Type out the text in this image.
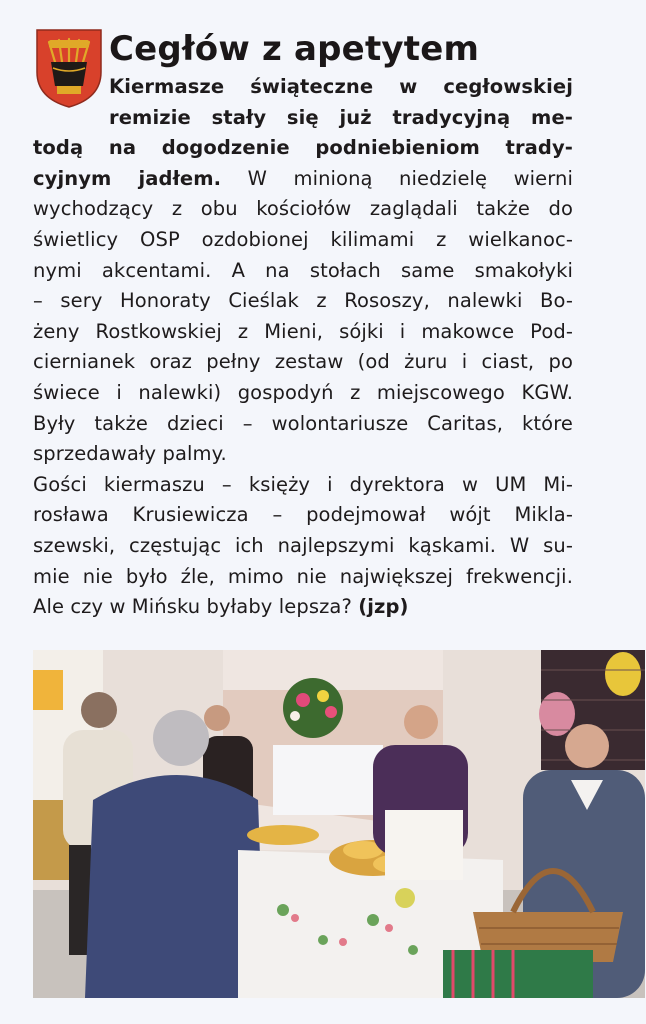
Cegłów z apetytem
Kiermasze świąteczne w cegłowskiej
remizie stały się już tradycyjną me-
todą na dogodzenie podniebieniom trady-
cyjnym jadłem. W minioną niedzielę wierni
wychodzący z obu kościołów zaglądali także do
świetlicy OSP ozdobionej kilimami z wielkanoc-
nymi akcentami. A na stołach same smakołyki
– sery Honoraty Cieślak z Rososzy, nalewki Bo-
żeny Rostkowskiej z Mieni, sójki i makowce Pod-
ciernianek oraz pełny zestaw (od żuru i ciast, po
świece i nalewki) gospodyń z miejscowego KGW.
Były także dzieci – wolontariusze Caritas, które
sprzedawały palmy.
Gości kiermaszu – księży i dyrektora w UM Mi-
rosława Krusiewicza – podejmował wójt Mikla-
szewski, częstując ich najlepszymi kąskami. W su-
mie nie było źle, mimo nie największej frekwencji.
Ale czy w Mińsku byłaby lepsza? (jzp)
